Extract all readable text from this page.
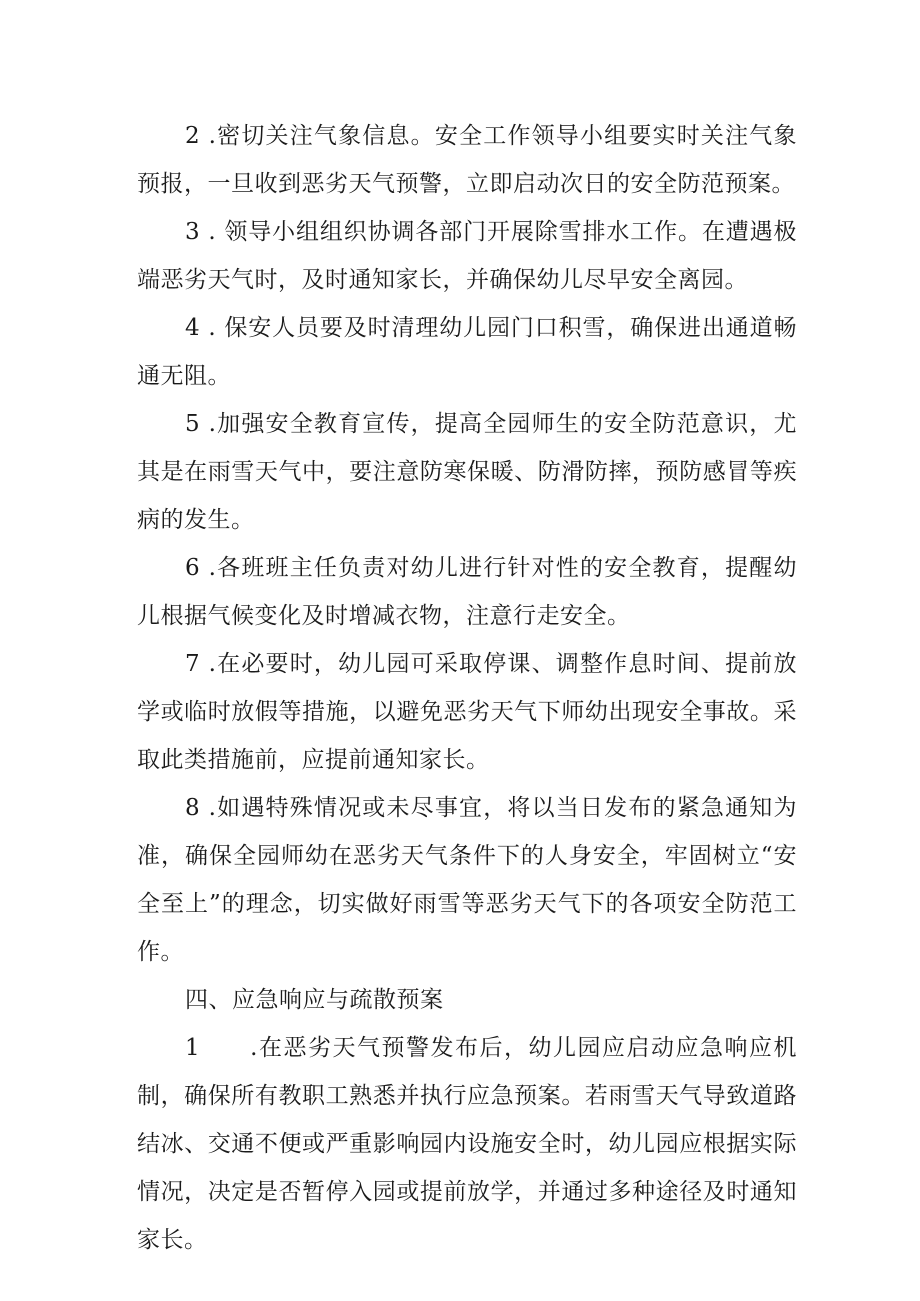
2 .密切关注气象信息。安全工作领导小组要实时关注气象预报，一旦收到恶劣天气预警，立即启动次日的安全防范预案。

3 . 领导小组组织协调各部门开展除雪排水工作。在遭遇极端恶劣天气时，及时通知家长，并确保幼儿尽早安全离园。

4 . 保安人员要及时清理幼儿园门口积雪，确保进出通道畅通无阻。

5 .加强安全教育宣传，提高全园师生的安全防范意识，尤其是在雨雪天气中，要注意防寒保暖、防滑防摔，预防感冒等疾病的发生。

6 .各班班主任负责对幼儿进行针对性的安全教育，提醒幼儿根据气候变化及时增减衣物，注意行走安全。

7 .在必要时，幼儿园可采取停课、调整作息时间、提前放学或临时放假等措施，以避免恶劣天气下师幼出现安全事故。采取此类措施前，应提前通知家长。

8 .如遇特殊情况或未尽事宜，将以当日发布的紧急通知为准，确保全园师幼在恶劣天气条件下的人身安全，牢固树立“安全至上”的理念，切实做好雨雪等恶劣天气下的各项安全防范工作。

四、应急响应与疏散预案

1　　.在恶劣天气预警发布后，幼儿园应启动应急响应机制，确保所有教职工熟悉并执行应急预案。若雨雪天气导致道路结冰、交通不便或严重影响园内设施安全时，幼儿园应根据实际情况，决定是否暂停入园或提前放学，并通过多种途径及时通知家长。
